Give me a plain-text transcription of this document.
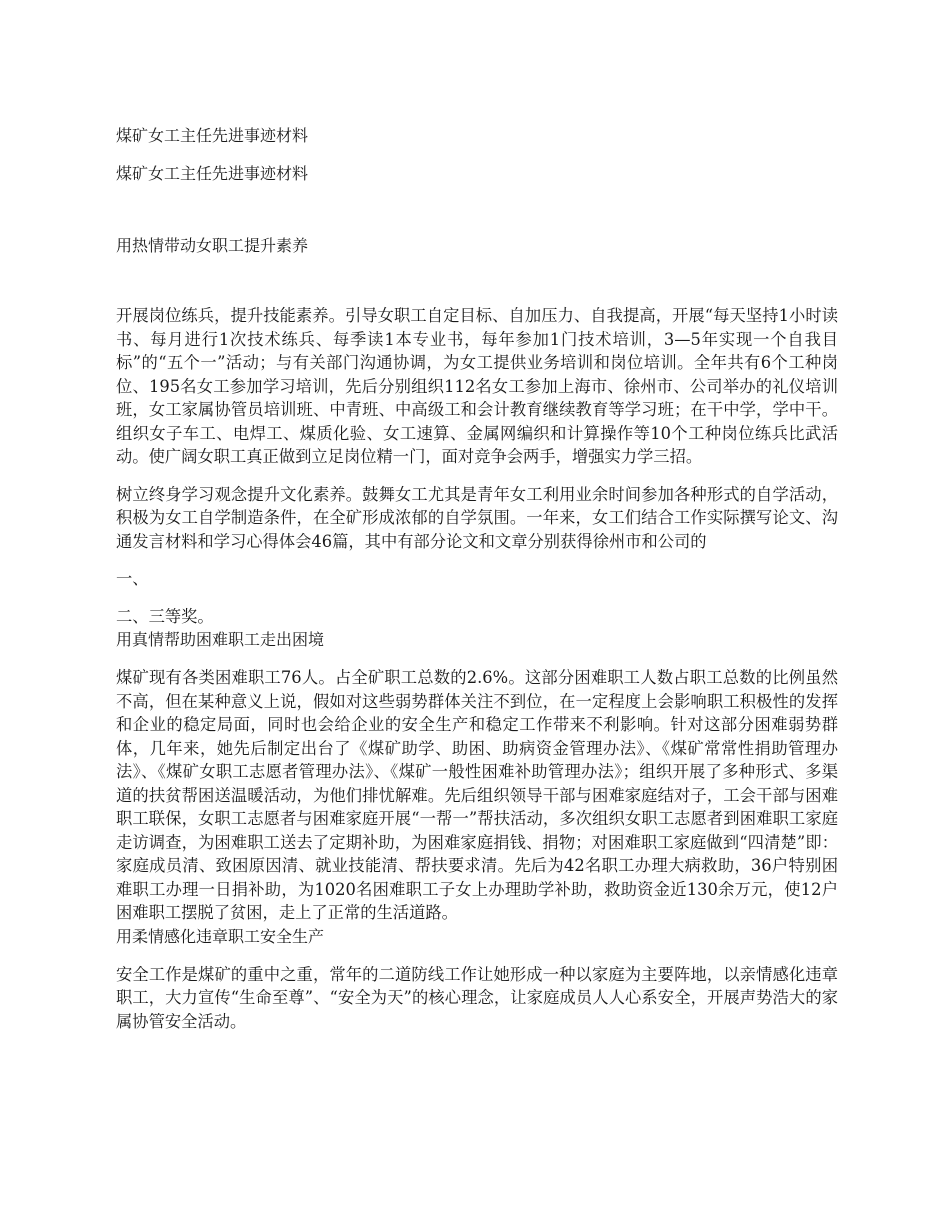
煤矿女工主任先进事迹材料

煤矿女工主任先进事迹材料

用热情带动女职工提升素养

开展岗位练兵，提升技能素养。引导女职工自定目标、自加压力、自我提高，开展“每天坚持1小时读书、每月进行1次技术练兵、每季读1本专业书，每年参加1门技术培训，3—5年实现一个自我目标”的“五个一”活动；与有关部门沟通协调，为女工提供业务培训和岗位培训。全年共有6个工种岗位、195名女工参加学习培训，先后分别组织112名女工参加上海市、徐州市、公司举办的礼仪培训班，女工家属协管员培训班、中青班、中高级工和会计教育继续教育等学习班；在干中学，学中干。组织女子车工、电焊工、煤质化验、女工速算、金属网编织和计算操作等10个工种岗位练兵比武活动。使广阔女职工真正做到立足岗位精一门，面对竞争会两手，增强实力学三招。

树立终身学习观念提升文化素养。鼓舞女工尤其是青年女工利用业余时间参加各种形式的自学活动，积极为女工自学制造条件，在全矿形成浓郁的自学氛围。一年来，女工们结合工作实际撰写论文、沟通发言材料和学习心得体会46篇，其中有部分论文和文章分别获得徐州市和公司的

一、

二、三等奖。

用真情帮助困难职工走出困境

煤矿现有各类困难职工76人。占全矿职工总数的2.6%。这部分困难职工人数占职工总数的比例虽然不高，但在某种意义上说，假如对这些弱势群体关注不到位，在一定程度上会影响职工积极性的发挥和企业的稳定局面，同时也会给企业的安全生产和稳定工作带来不利影响。针对这部分困难弱势群体，几年来，她先后制定出台了《煤矿助学、助困、助病资金管理办法》、《煤矿常常性捐助管理办法》、《煤矿女职工志愿者管理办法》、《煤矿一般性困难补助管理办法》；组织开展了多种形式、多渠道的扶贫帮困送温暖活动，为他们排忧解难。先后组织领导干部与困难家庭结对子，工会干部与困难职工联保，女职工志愿者与困难家庭开展“一帮一”帮扶活动，多次组织女职工志愿者到困难职工家庭走访调查，为困难职工送去了定期补助，为困难家庭捐钱、捐物；对困难职工家庭做到“四清楚”即：家庭成员清、致困原因清、就业技能清、帮扶要求清。先后为42名职工办理大病救助，36户特别困难职工办理一日捐补助，为1020名困难职工子女上办理助学补助，救助资金近130余万元，使12户困难职工摆脱了贫困，走上了正常的生活道路。

用柔情感化违章职工安全生产

安全工作是煤矿的重中之重，常年的二道防线工作让她形成一种以家庭为主要阵地，以亲情感化违章职工，大力宣传“生命至尊”、“安全为天”的核心理念，让家庭成员人人心系安全，开展声势浩大的家属协管安全活动。
